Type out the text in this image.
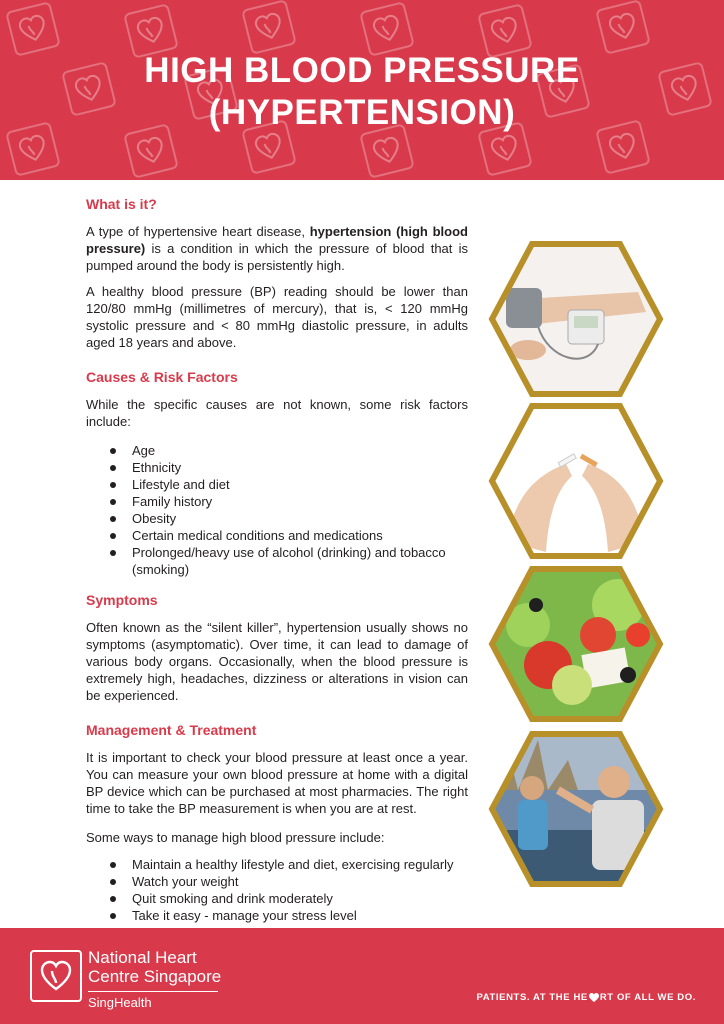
HIGH BLOOD PRESSURE
(HYPERTENSION)
What is it?

A type of hypertensive heart disease, hypertension (high blood pressure) is a condition in which the pressure of blood that is pumped around the body is persistently high.

A healthy blood pressure (BP) reading should be lower than 120/80 mmHg (millimetres of mercury), that is, < 120 mmHg systolic pressure and < 80 mmHg diastolic pressure, in adults aged 18 years and above.

Causes & Risk Factors

While the specific causes are not known, some risk factors include:

Age
Ethnicity
Lifestyle and diet
Family history
Obesity
Certain medical conditions and medications
Prolonged/heavy use of alcohol (drinking) and tobacco (smoking)
Symptoms

Often known as the “silent killer”, hypertension usually shows no symptoms (asymptomatic). Over time, it can lead to damage of various body organs. Occasionally, when the blood pressure is extremely high, headaches, dizziness or alterations in vision can be experienced.

Management & Treatment

It is important to check your blood pressure at least once a year. You can measure your own blood pressure at home with a digital BP device which can be purchased at most pharmacies. The right time to take the BP measurement is when you are at rest.

Some ways to manage high blood pressure include:

Maintain a healthy lifestyle and diet, exercising regularly
Watch your weight
Quit smoking and drink moderately
Take it easy - manage your stress level
National Heart
Centre Singapore
SingHealth	PATIENTS. AT THE HE RT OF ALL WE DO.
